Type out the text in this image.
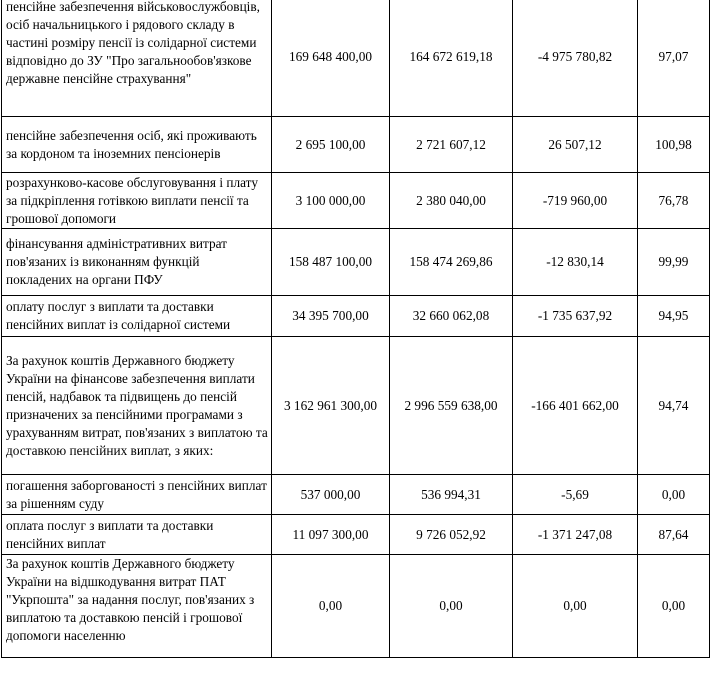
пенсійне забезпечення військовослужбовців, осіб начальницького і рядового складу в частині розміру пенсії із солідарної системи відповідно до ЗУ "Про загальнообов'язкове державне пенсійне страхування"	169 648 400,00	164 672 619,18	-4 975 780,82	97,07
пенсійне забезпечення осіб, які проживають за кордоном та іноземних пенсіонерів	2 695 100,00	2 721 607,12	26 507,12	100,98
розрахунково-касове обслуговування і плату за підкріплення готівкою виплати пенсії та грошової допомоги	3 100 000,00	2 380 040,00	-719 960,00	76,78
фінансування адміністративних витрат пов'язаних із виконанням функцій покладених на органи ПФУ	158 487 100,00	158 474 269,86	-12 830,14	99,99
оплату послуг з виплати та доставки пенсійних виплат із солідарної системи	34 395 700,00	32 660 062,08	-1 735 637,92	94,95
За рахунок коштів Державного бюджету України на фінансове забезпечення виплати пенсій, надбавок та підвищень до пенсій призначених за пенсійними програмами з урахуванням витрат, пов'язаних з виплатою та доставкою пенсійних виплат, з яких:	3 162 961 300,00	2 996 559 638,00	-166 401 662,00	94,74
погашення заборгованості з пенсійних виплат за рішенням суду	537 000,00	536 994,31	-5,69	0,00
оплата послуг з виплати та доставки пенсійних виплат	11 097 300,00	9 726 052,92	-1 371 247,08	87,64
За рахунок коштів Державного бюджету України на відшкодування витрат ПАТ "Укрпошта" за надання послуг, пов'язаних з виплатою та доставкою пенсій і грошової допомоги населенню	0,00	0,00	0,00	0,00
